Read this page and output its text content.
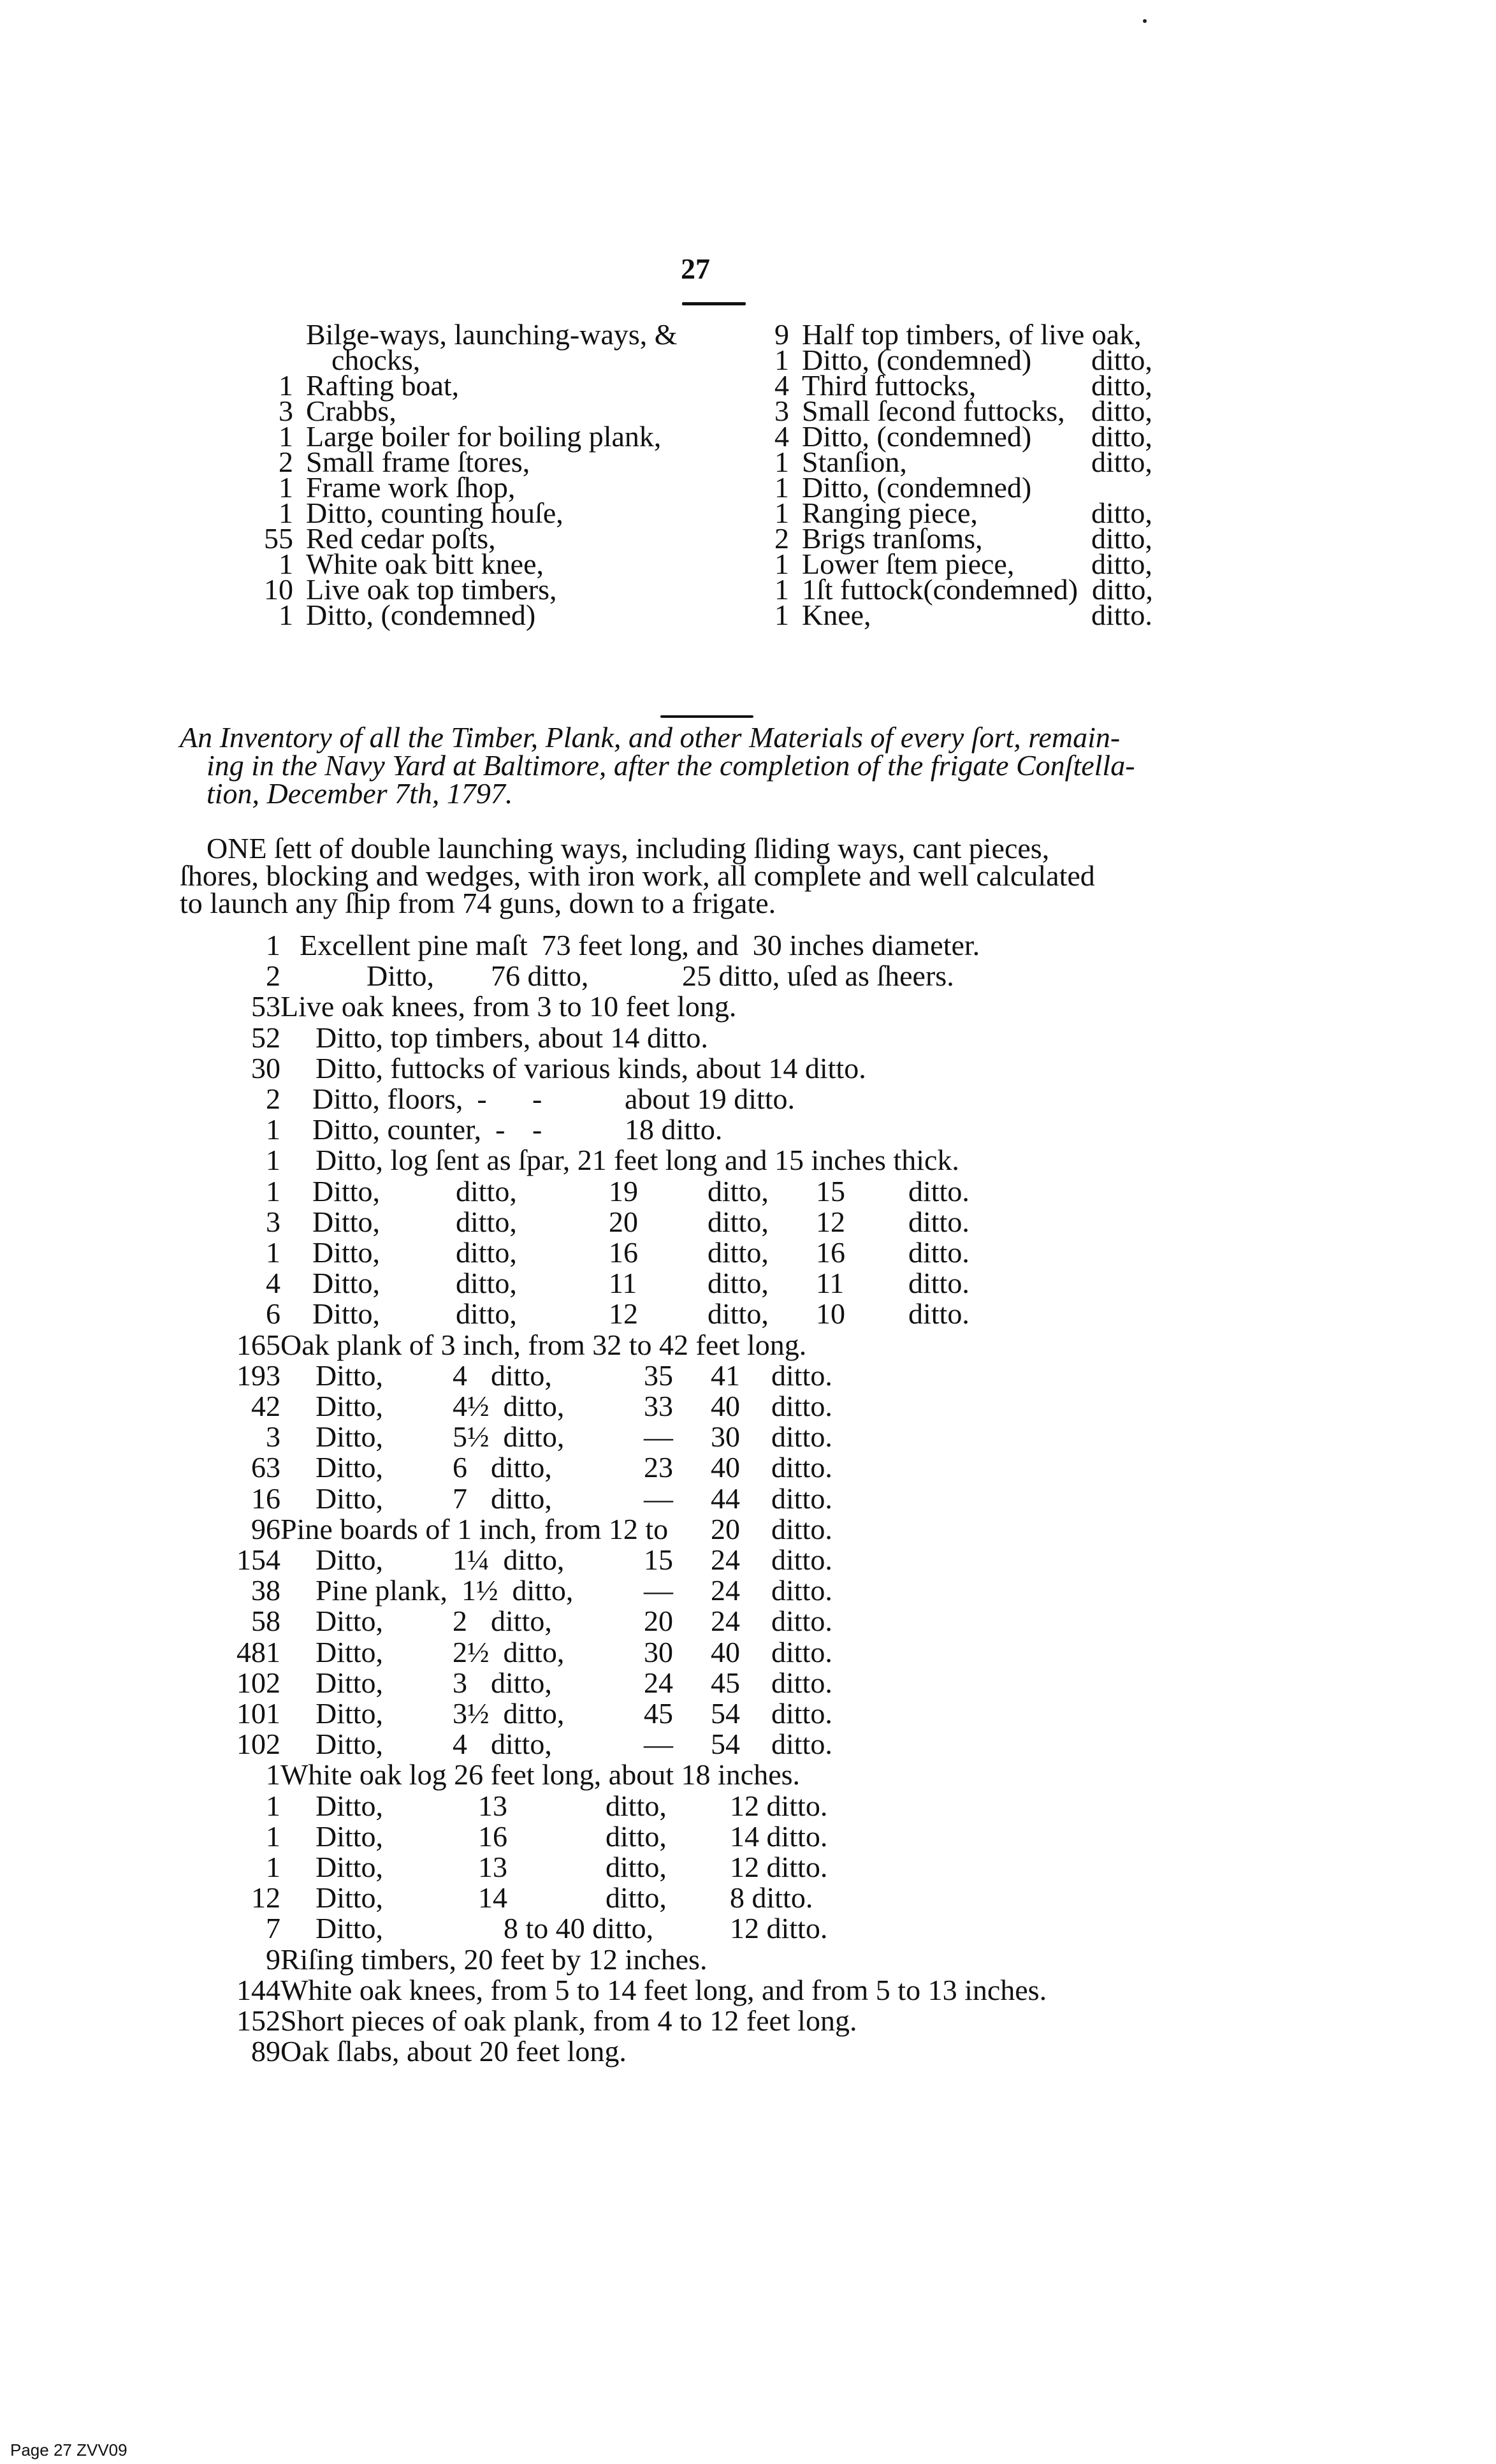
27
Bilge-ways, launching-ways, &
chocks,
1 Rafting boat,
3 Crabbs,
1 Large boiler for boiling plank,
2 Small frame ſtores,
1 Frame work ſhop,
1 Ditto, counting houſe,
55 Red cedar poſts,
1 White oak bitt knee,
10 Live oak top timbers,
1 Ditto, (condemned)
9 Half top timbers, of live oak,
1 Ditto, (condemned) ditto,
4 Third futtocks,	ditto,
3 Small ſecond futtocks, ditto,
4 Ditto, (condemned) ditto,
1 Stanſion,	ditto,
1 Ditto, (condemned)
1 Ranging piece,	ditto,
2 Brigs tranſoms,	ditto,
1 Lower ſtem piece,	ditto,
1 1ſt futtock(condemned) ditto,
1 Knee,	ditto.
An Inventory of all the Timber, Plank, and other Materials of every ſort, remain-
ing in the Navy Yard at Baltimore, after the completion of the frigate Conſtella-
tion, December 7th, 1797.
ONE ſett of double launching ways, including ſliding ways, cant pieces,
ſhores, blocking and wedges, with iron work, all complete and well calculated
to launch any ſhip from 74 guns, down to a frigate.
1 Excellent pine maſt 73 feet long, and 30 inches diameter.
2	Ditto, 76 ditto,	25 ditto, uſed as ſheers.
53 Live oak knees, from 3 to 10 feet long.
52 Ditto, top timbers, about 14 ditto.
30 Ditto, futtocks of various kinds, about 14 ditto.
2 Ditto, floors, - -	about 19 ditto.
1 Ditto, counter, - -	18 ditto.
1 Ditto, log ſent as ſpar, 21 feet long and 15 inches thick.
1 Ditto,	ditto,	19 ditto, 15 ditto.
3 Ditto,	ditto,	20 ditto, 12 ditto.
1 Ditto,	ditto,	16 ditto, 16 ditto.
4 Ditto,	ditto,	11 ditto, 11 ditto.
6 Ditto,	ditto,	12 ditto, 10 ditto.
165 Oak plank of 3 inch, from 32 to 42 feet long.
193 Ditto, 4 ditto,	35 41 ditto.
42 Ditto, 4½ ditto,	33 40 ditto.
3 Ditto, 5½ ditto,	— 30 ditto.
63 Ditto, 6 ditto,	23 40 ditto.
16 Ditto, 7 ditto,	— 44 ditto.
96 Pine boards of 1 inch, from 12 to 20 ditto.
154 Ditto, 1¼ ditto,	15 24 ditto.
38 Pine plank, 1½ ditto, — 24 ditto.
58 Ditto, 2 ditto,	20 24 ditto.
481 Ditto, 2½ ditto,	30 40 ditto.
102 Ditto, 3 ditto,	24 45 ditto.
101 Ditto, 3½ ditto,	45 54 ditto.
102 Ditto, 4 ditto,	— 54 ditto.
1 White oak log 26 feet long, about 18 inches.
1 Ditto,	13	ditto, 12 ditto.
1 Ditto,	16	ditto, 14 ditto.
1 Ditto,	13	ditto, 12 ditto.
12 Ditto,	14	ditto, 8 ditto.
7 Ditto,	8 to 40 ditto,	12 ditto.
9 Riſing timbers, 20 feet by 12 inches.
144 White oak knees, from 5 to 14 feet long, and from 5 to 13 inches.
152 Short pieces of oak plank, from 4 to 12 feet long.
89 Oak ſlabs, about 20 feet long.
Page 27 ZVV09
